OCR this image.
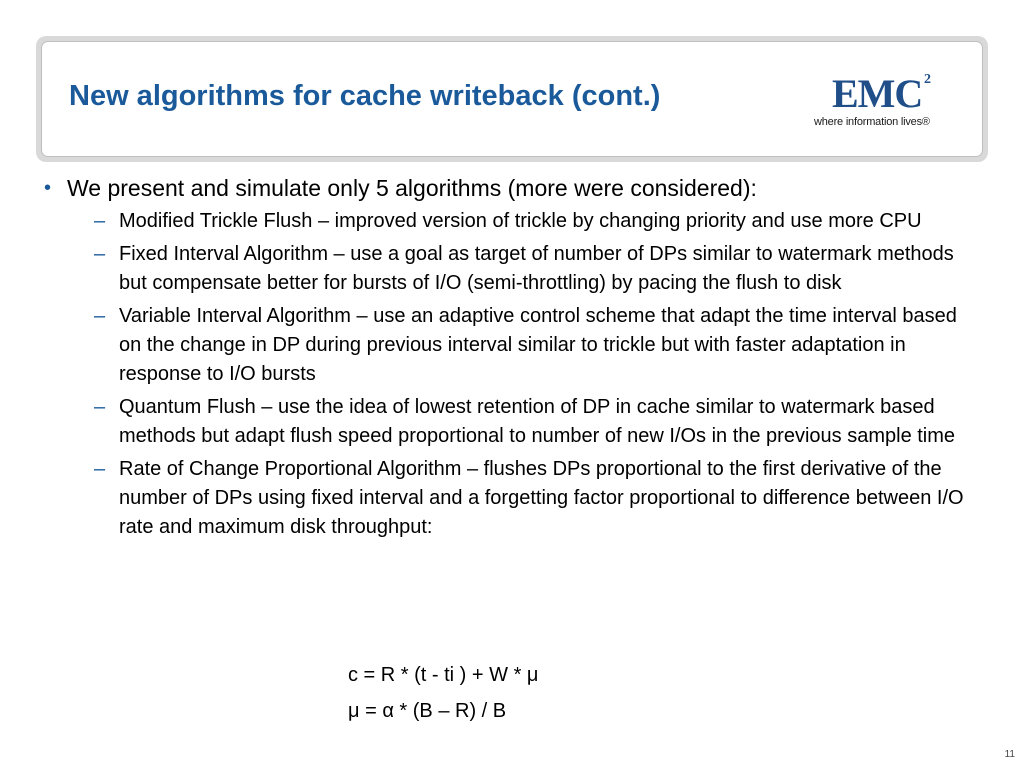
New algorithms for cache writeback (cont.)	EMC 2
where information lives®
• We present and simulate only 5 algorithms (more were considered):
– Modified Trickle Flush – improved version of trickle by changing priority and use more CPU
– Fixed Interval Algorithm – use a goal as target of number of DPs similar to watermark methods but compensate better for bursts of I/O (semi-throttling) by pacing the flush to disk
– Variable Interval Algorithm – use an adaptive control scheme that adapt the time interval based on the change in DP during previous interval similar to trickle but with faster adaptation in response to I/O bursts
– Quantum Flush – use the idea of lowest retention of DP in cache similar to watermark based methods but adapt flush speed proportional to number of new I/Os in the previous sample time
– Rate of Change Proportional Algorithm – flushes DPs proportional to the first derivative of the number of DPs using fixed interval and a forgetting factor proportional to difference between I/O rate and maximum disk throughput:
c = R * (t - ti ) + W * μ
μ = α * (B – R) / B
11
